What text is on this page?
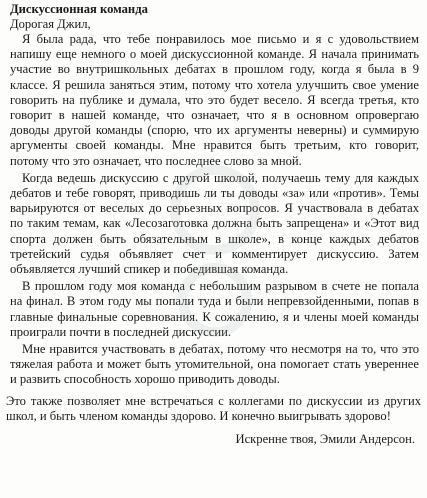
Дискуссионная команда

Дорогая Джил,

Я была рада, что тебе понравилось мое письмо и я с удовольствием напишу еще немного о моей дискуссионной команде. Я начала принимать участие во внутришкольных дебатах в прошлом году, когда я была в 9 классе. Я решила заняться этим, потому что хотела улучшить свое умение говорить на публике и думала, что это будет весело. Я всегда третья, кто говорит в нашей команде, что означает, что я в основном опровергаю доводы другой команды (спорю, что их аргументы неверны) и суммирую аргументы своей команды. Мне нравится быть третьим, кто говорит, потому что это означает, что последнее слово за мной.

Когда ведешь дискуссию с другой школой, получаешь тему для каждых дебатов и тебе говорят, приводишь ли ты доводы «за» или «против». Темы варьируются от веселых до серьезных вопросов. Я участвовала в дебатах по таким темам, как «Лесозаготовка должна быть запрещена» и «Этот вид спорта должен быть обязательным в школе», в конце каждых дебатов третейский судья объявляет счет и комментирует дискуссию. Затем объявляется лучший спикер и победившая команда.

В прошлом году моя команда с небольшим разрывом в счете не попала на финал. В этом году мы попали туда и были непревзойденными, попав в главные финальные соревнования. К сожалению, я и члены моей команды проиграли почти в последней дискуссии.

Мне нравится участвовать в дебатах, потому что несмотря на то, что это тяжелая работа и может быть утомительной, она помогает стать увереннее и развить способность хорошо приводить доводы.

Это также позволяет мне встречаться с коллегами по дискуссии из других школ, и быть членом команды здорово. И конечно выигрывать здорово!

Искренне твоя, Эмили Андерсон.
